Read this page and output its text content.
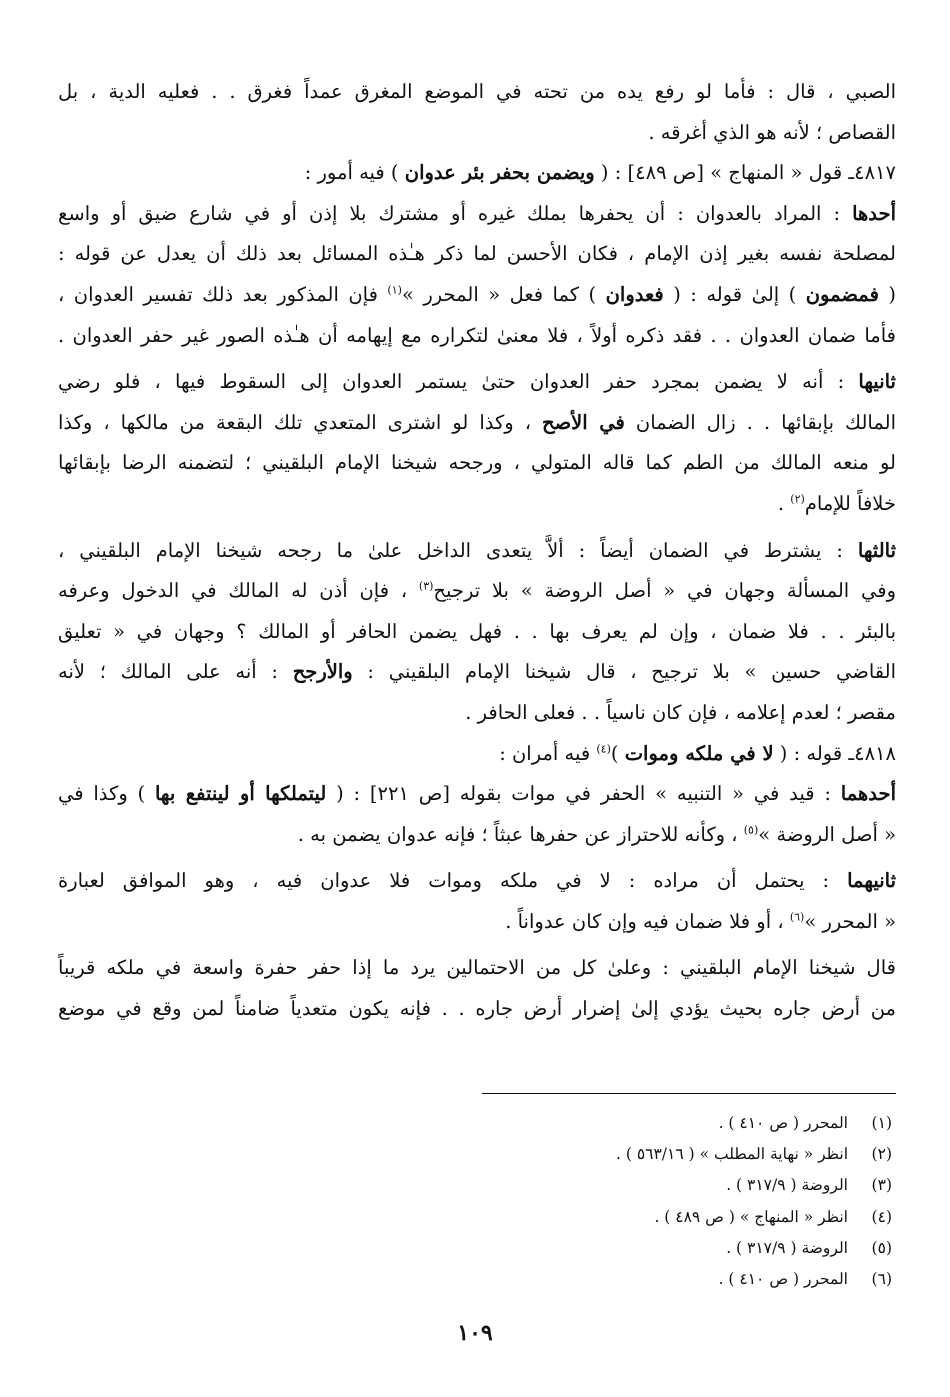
الصبي ، قال : فأما لو رفع يده من تحته في الموضع المغرق عمداً فغرق . . فعليه الدية ، بل
القصاص ؛ لأنه هو الذي أغرقه .
٤٨١٧ـ قول « المنهاج » [ص ٤٨٩] : ( ويضمن بحفر بئر عدوان ) فيه أمور :
أحدها : المراد بالعدوان : أن يحفرها بملك غيره أو مشترك بلا إذن أو في شارع ضيق أو واسع
لمصلحة نفسه بغير إذن الإمام ، فكان الأحسن لما ذكر هـٰذه المسائل بعد ذلك أن يعدل عن قوله :
( فمضمون ) إلىٰ قوله : ( فعدوان ) كما فعل « المحرر »$^{(١)}$ فإن المذكور بعد ذلك تفسير العدوان ،
فأما ضمان العدوان . . فقد ذكره أولاً ، فلا معنىٰ لتكراره مع إيهامه أن هـٰذه الصور غير حفر العدوان .
ثانيها : أنه لا يضمن بمجرد حفر العدوان حتىٰ يستمر العدوان إلى السقوط فيها ، فلو رضي
المالك بإبقائها . . زال الضمان في الأصح ، وكذا لو اشترى المتعدي تلك البقعة من مالكها ، وكذا
لو منعه المالك من الطم كما قاله المتولي ، ورجحه شيخنا الإمام البلقيني ؛ لتضمنه الرضا بإبقائها
خلافاً للإمام$^{(٢)}$ .
ثالثها : يشترط في الضمان أيضاً : ألاَّ يتعدى الداخل علىٰ ما رجحه شيخنا الإمام البلقيني ،
وفي المسألة وجهان في « أصل الروضة » بلا ترجيح$^{(٣)}$ ، فإن أذن له المالك في الدخول وعرفه
بالبئر . . فلا ضمان ، وإن لم يعرف بها . . فهل يضمن الحافر أو المالك ؟ وجهان في « تعليق
القاضي حسين » بلا ترجيح ، قال شيخنا الإمام البلقيني : والأرجح : أنه على المالك ؛ لأنه
مقصر ؛ لعدم إعلامه ، فإن كان ناسياً . . فعلى الحافر .
٤٨١٨ـ قوله : ( لا في ملكه وموات )$^{(٤)}$ فيه أمران :
أحدهما : قيد في « التنبيه » الحفر في موات بقوله [ص ٢٢١] : ( ليتملكها أو لينتفع بها ) وكذا في
« أصل الروضة »$^{(٥)}$ ، وكأنه للاحتراز عن حفرها عبثاً ؛ فإنه عدوان يضمن به .
ثانيهما : يحتمل أن مراده : لا في ملكه وموات فلا عدوان فيه ، وهو الموافق لعبارة
« المحرر »$^{(٦)}$ ، أو فلا ضمان فيه وإن كان عدواناً .
قال شيخنا الإمام البلقيني : وعلىٰ كل من الاحتمالين يرد ما إذا حفر حفرة واسعة في ملكه قريباً
من أرض جاره بحيث يؤدي إلىٰ إضرار أرض جاره . . فإنه يكون متعدياً ضامناً لمن وقع في موضع
(١)المحرر ( ص ٤١٠ ) .
(٢)انظر « نهاية المطلب » ( ٥٦٣/١٦ ) .
(٣)الروضة ( ٣١٧/٩ ) .
(٤)انظر « المنهاج » ( ص ٤٨٩ ) .
(٥)الروضة ( ٣١٧/٩ ) .
(٦)المحرر ( ص ٤١٠ ) .
١٠٩
